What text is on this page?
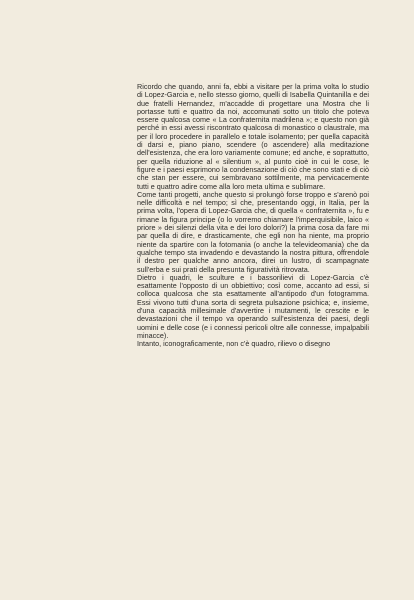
Ricordo che quando, anni fa, ebbi a visitare per la prima volta lo studio di Lopez-Garcia e, nello stesso giorno, quelli di Isabella Quintanilla e dei due fratelli Hernandez, m'accadde di progettare una Mostra che li portasse tutti e quattro da noi, accomunati sotto un titolo che poteva essere qualcosa come « La confraternita madrilena »; e questo non già perché in essi avessi riscontrato qualcosa di monastico o claustrale, ma per il loro procedere in parallelo e totale isolamento; per quella capacità di darsi e, piano piano, scendere (o ascendere) alla meditazione dell'esistenza, che era loro variamente comune; ed anche, e soprattutto, per quella riduzione al « silentium », al punto cioè in cui le cose, le figure e i paesi esprimono la condensazione di ciò che sono stati e di ciò che stan per essere, cui sembravano sottilmente, ma pervicacemente tutti e quattro adire come alla loro meta ultima e sublimare.

Come tanti progetti, anche questo si prolungò forse troppo e s'arenò poi nelle difficoltà e nel tempo; sì che, presentando oggi, in Italia, per la prima volta, l'opera di Lopez-Garcia che, di quella « confraternita », fu e rimane la figura principe (o lo vorremo chiamare l'imperquisibile, laico « priore » dei silenzi della vita e dei loro dolori?) la prima cosa da fare mi par quella di dire, e drasticamente, che egli non ha niente, ma proprio niente da spartire con la fotomania (o anche la televideomania) che da qualche tempo sta invadendo e devastando la nostra pittura, offrendole il destro per qualche anno ancora, direi un lustro, di scampagnate sull'erba e sui prati della presunta figuratività ritrovata.

Dietro i quadri, le sculture e i bassorilievi di Lopez-Garcia c'è esattamente l'opposto di un obbiettivo; così come, accanto ad essi, si colloca qualcosa che sta esattamente all'antipodo d'un fotogramma. Essi vivono tutti d'una sorta di segreta pulsazione psichica; e, insieme, d'una capacità millesimale d'avvertire i mutamenti, le crescite e le devastazioni che il tempo va operando sull'esistenza dei paesi, degli uomini e delle cose (e i connessi pericoli oltre alle connesse, impalpabili minacce).

Intanto, iconograficamente, non c'è quadro, rilievo o disegno
